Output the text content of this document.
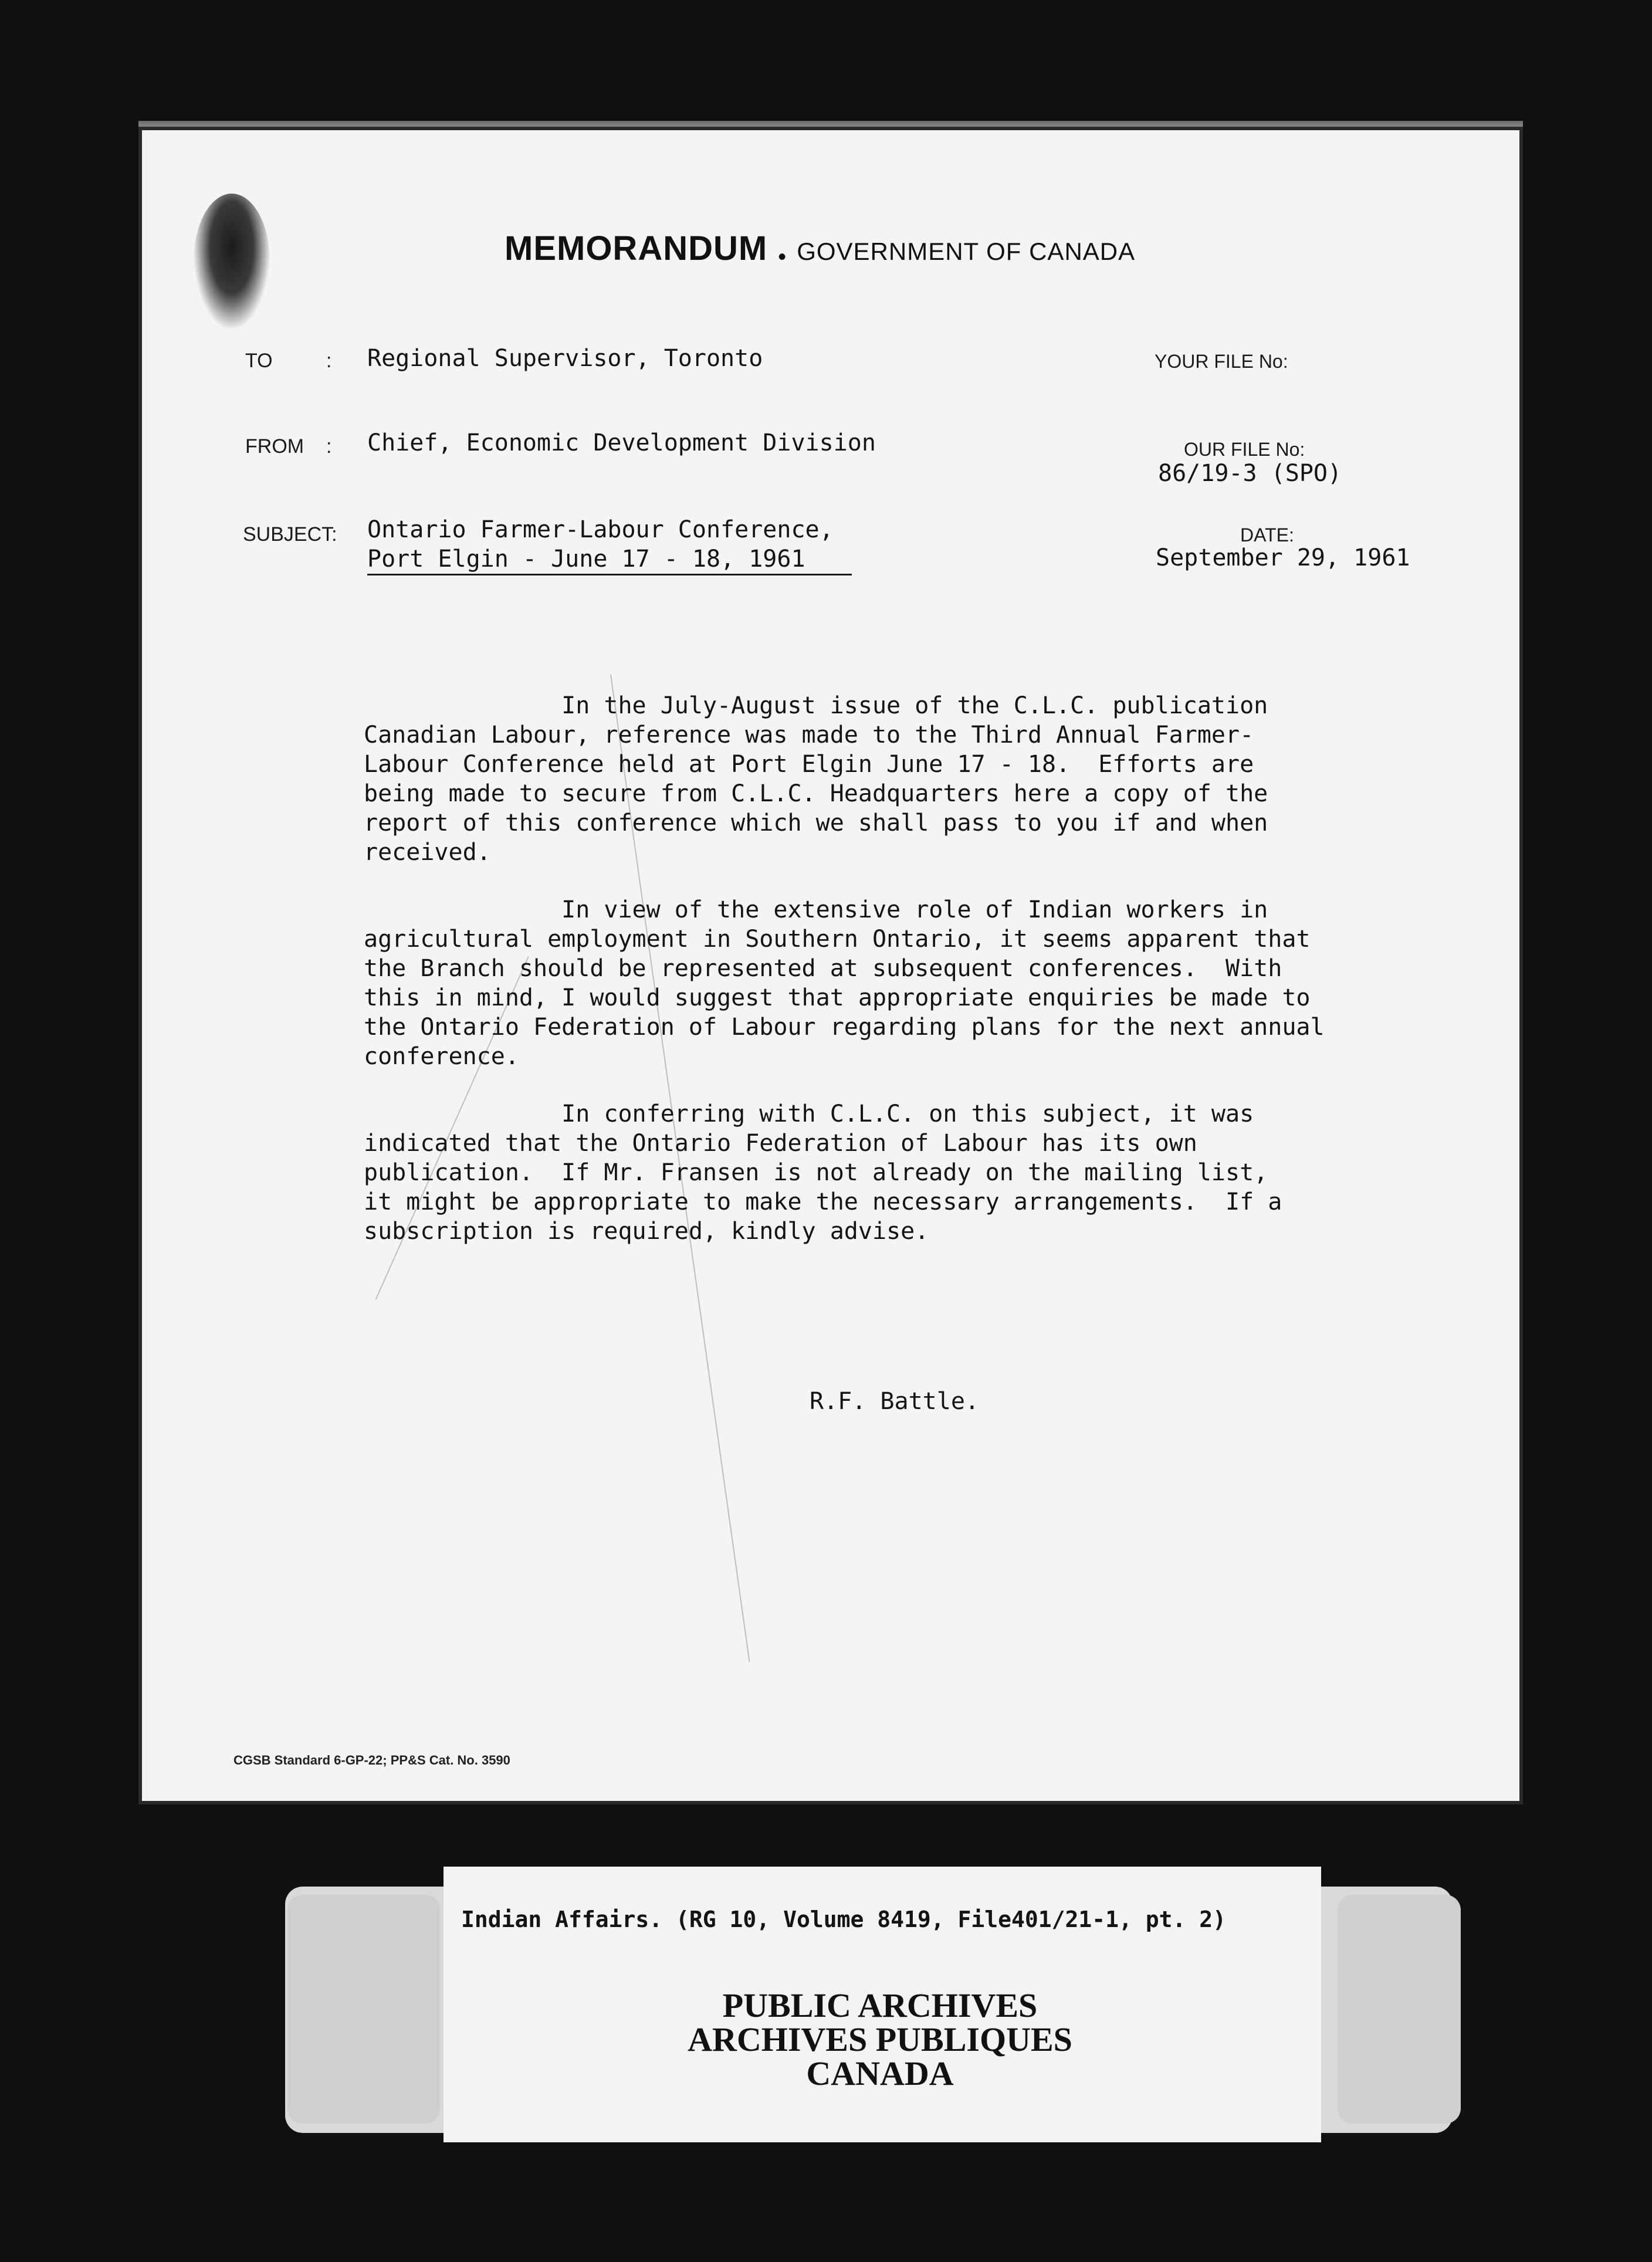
MEMORANDUM • GOVERNMENT OF CANADA
TO	: Regional Supervisor, Toronto
FROM : Chief, Economic Development Division
SUBJECT: Ontario Farmer-Labour Conference,
Port Elgin - June 17 - 18, 1961
YOUR FILE No:
OUR FILE No:
86/19-3 (SPO)
DATE:
September 29, 1961
In the July-August issue of the C.L.C. publication
Canadian Labour, reference was made to the Third Annual Farmer-
Labour Conference held at Port Elgin June 17 - 18.  Efforts are
being made to secure from C.L.C. Headquarters here a copy of the
report of this conference which we shall pass to you if and when
received.
In view of the extensive role of Indian workers in
agricultural employment in Southern Ontario, it seems apparent that
the Branch should be represented at subsequent conferences.  With
this in mind, I would suggest that appropriate enquiries be made to
the Ontario Federation of Labour regarding plans for the next annual
conference.
In conferring with C.L.C. on this subject, it was
indicated that the Ontario Federation of Labour has its own
publication.  If Mr. Fransen is not already on the mailing list,
it might be appropriate to make the necessary arrangements.  If a
subscription is required, kindly advise.
R.F. Battle.
CGSB Standard 6-GP-22; PP&S Cat. No. 3590
Indian Affairs. (RG 10, Volume 8419, File401/21-1, pt. 2)
PUBLIC ARCHIVES
ARCHIVES PUBLIQUES
CANADA
